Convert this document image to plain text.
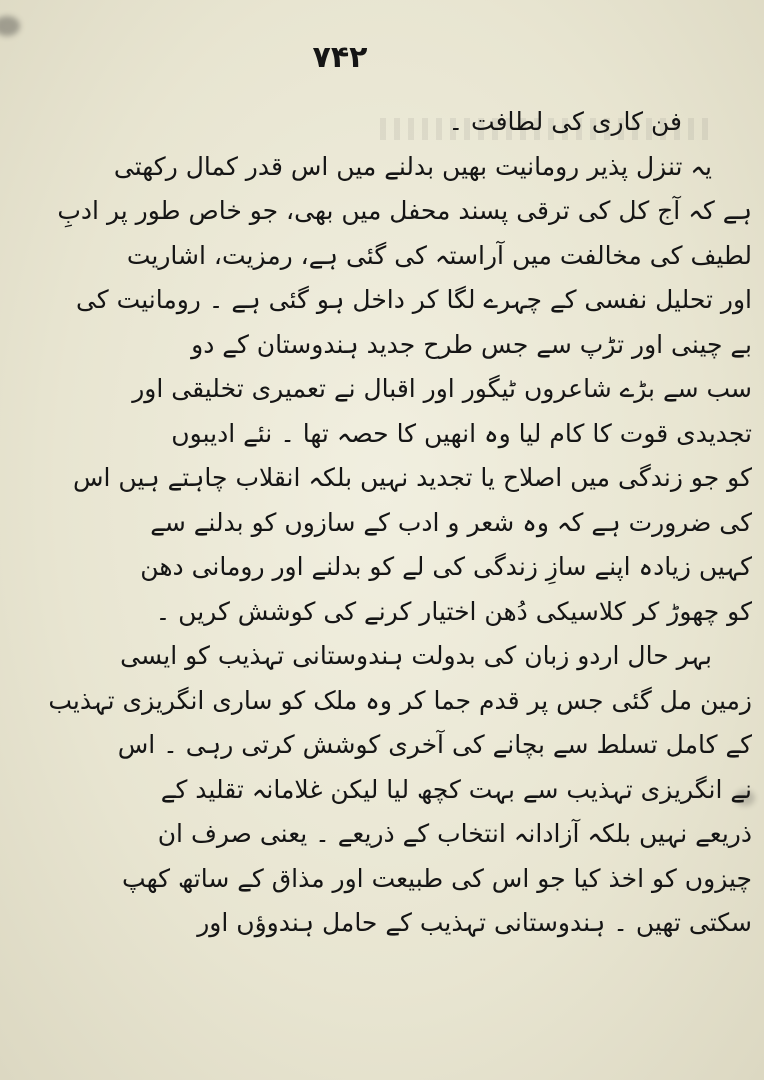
۷۴۲
فن کاری کی لطافت ۔
یہ تنزل پذیر رومانیت بھیں بدلنے میں اس قدر کمال رکھتی
ہے کہ آج کل کی ترقی پسند محفل میں بھی، جو خاص طور پر ادبِ
لطیف کی مخالفت میں آراستہ کی گئی ہے، رمزیت، اشاریت
اور تحلیل نفسی کے چہرے لگا کر داخل ہو گئی ہے ۔ رومانیت کی
بے چینی اور تڑپ سے جس طرح جدید ہندوستان کے دو
سب سے بڑے شاعروں ٹیگور اور اقبال نے تعمیری تخلیقی اور
تجدیدی قوت کا کام لیا وہ انھیں کا حصہ تھا ۔ نئے ادیبوں
کو جو زندگی میں اصلاح یا تجدید نہیں بلکہ انقلاب چاہتے ہیں اس
کی ضرورت ہے کہ وہ شعر و ادب کے سازوں کو بدلنے سے
کہیں زیادہ اپنے سازِ زندگی کی لے کو بدلنے اور رومانی دھن
کو چھوڑ کر کلاسیکی دُھن اختیار کرنے کی کوشش کریں ۔
بہر حال اردو زبان کی بدولت ہندوستانی تہذیب کو ایسی
زمین مل گئی جس پر قدم جما کر وہ ملک کو ساری انگریزی تہذیب
کے کامل تسلط سے بچانے کی آخری کوشش کرتی رہی ۔ اس
نے انگریزی تہذیب سے بہت کچھ لیا لیکن غلامانہ تقلید کے
ذریعے نہیں بلکہ آزادانہ انتخاب کے ذریعے ۔ یعنی صرف ان
چیزوں کو اخذ کیا جو اس کی طبیعت اور مذاق کے ساتھ کھپ
سکتی تھیں ۔ ہندوستانی تہذیب کے حامل ہندوؤں اور
